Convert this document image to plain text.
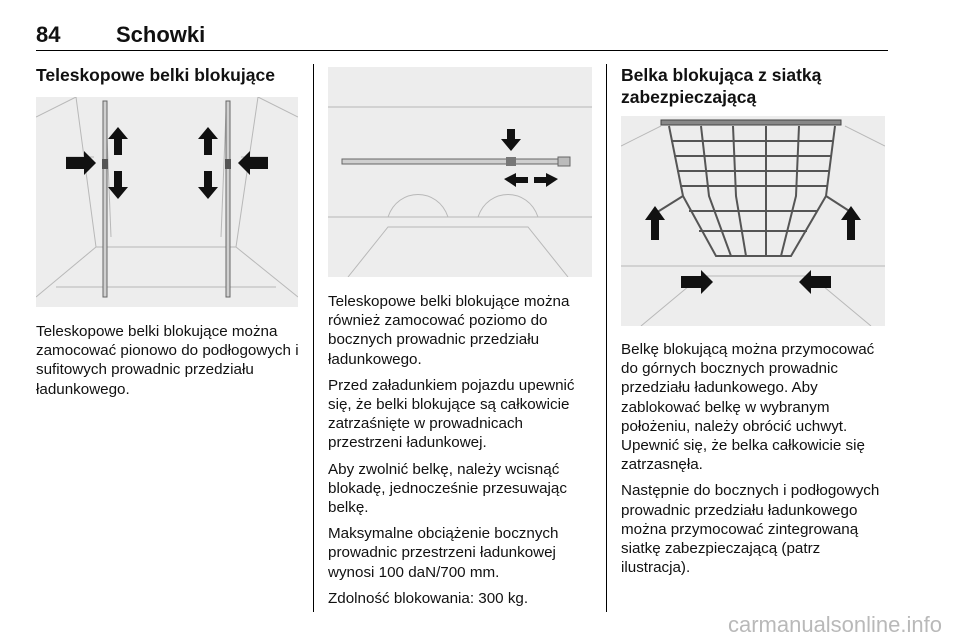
84	Schowki
Teleskopowe belki blokujące

Teleskopowe belki blokujące można zamocować pionowo do podłogowych i sufitowych prowadnic przedziału ładunkowego.

Teleskopowe belki blokujące można również zamocować poziomo do bocznych prowadnic przedziału ładunkowego.

Przed załadunkiem pojazdu upewnić się, że belki blokujące są całkowicie zatrzaśnięte w prowadnicach przestrzeni ładunkowej.

Aby zwolnić belkę, należy wcisnąć blokadę, jednocześnie przesuwając belkę.

Maksymalne obciążenie bocznych prowadnic przestrzeni ładunkowej wynosi 100 daN/700 mm.

Zdolność blokowania: 300 kg.

Belka blokująca z siatką zabezpieczającą

Belkę blokującą można przymocować do górnych bocznych prowadnic przedziału ładunkowego. Aby zablokować belkę w wybranym położeniu, należy obrócić uchwyt. Upewnić się, że belka całkowicie się zatrzasnęła.

Następnie do bocznych i podłogowych prowadnic przedziału ładunkowego można przymocować zintegrowaną siatkę zabezpieczającą (patrz ilustracja).

carmanualsonline.info
